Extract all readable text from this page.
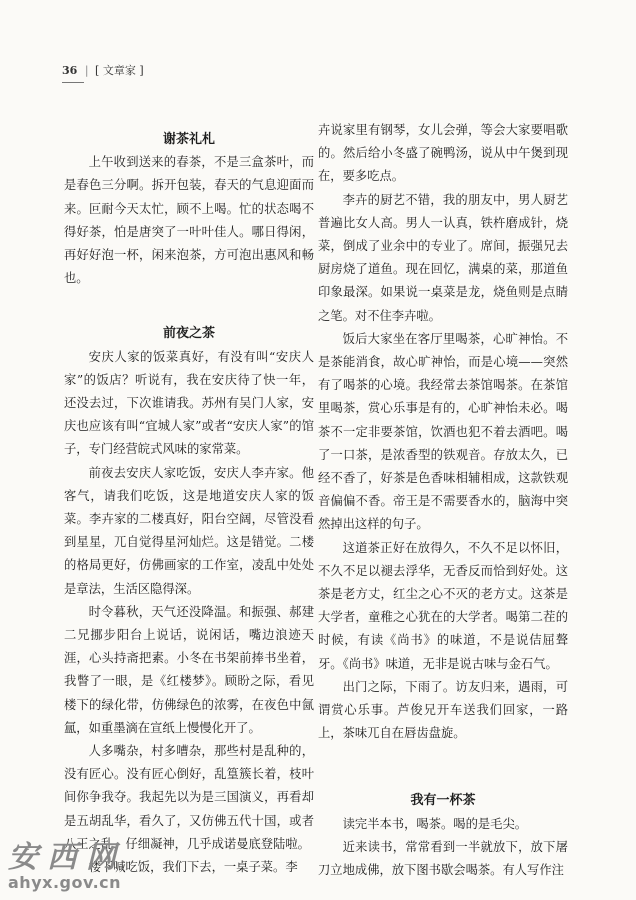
36 | [ 文章家 ]
谢茶礼札

上午收到送来的春茶，不是三盒茶叶，而是春色三分啊。拆开包装，春天的气息迎面而来。叵耐今天太忙，顾不上喝。忙的状态喝不得好茶，怕是唐突了一叶叶佳人。哪日得闲，再好好泡一杯，闲来泡茶，方可泡出惠风和畅也。

前夜之茶

安庆人家的饭菜真好，有没有叫“安庆人家”的饭店？听说有，我在安庆待了快一年，还没去过，下次谁请我。苏州有吴门人家，安庆也应该有叫“宜城人家”或者“安庆人家”的馆子，专门经营皖式风味的家常菜。

前夜去安庆人家吃饭，安庆人李卉家。他客气，请我们吃饭，这是地道安庆人家的饭菜。李卉家的二楼真好，阳台空阔，尽管没看到星星，兀自觉得星河灿烂。这是错觉。二楼的格局更好，仿佛画家的工作室，凌乱中处处是章法，生活区隐得深。

时令暮秋，天气还没降温。和振强、郝建二兄挪步阳台上说话，说闲话，嘴边浪迹天涯，心头持斋把素。小冬在书架前捧书坐着，我瞥了一眼，是《红楼梦》。顾盼之际，看见楼下的绿化带，仿佛绿色的浓雾，在夜色中氤氲，如重墨滴在宣纸上慢慢化开了。

人多嘴杂，村多嘈杂，那些村是乱种的，没有匠心。没有匠心倒好，乱篁簇长着，枝叶间你争我夺。我起先以为是三国演义，再看却是五胡乱华，看久了，又仿佛五代十国，或者八王之乱，仔细凝神，几乎成诺曼底登陆啦。

楼下喊吃饭，我们下去，一桌子菜。李

卉说家里有钢琴，女儿会弹，等会大家要唱歌的。然后给小冬盛了碗鸭汤，说从中午煲到现在，要多吃点。

李卉的厨艺不错，我的朋友中，男人厨艺普遍比女人高。男人一认真，铁杵磨成针，烧菜，倒成了业余中的专业了。席间，振强兄去厨房烧了道鱼。现在回忆，满桌的菜，那道鱼印象最深。如果说一桌菜是龙，烧鱼则是点睛之笔。对不住李卉啦。

饭后大家坐在客厅里喝茶，心旷神怡。不是茶能消食，故心旷神怡，而是心境——突然有了喝茶的心境。我经常去茶馆喝茶。在茶馆里喝茶，赏心乐事是有的，心旷神怡未必。喝茶不一定非要茶馆，饮酒也犯不着去酒吧。喝了一口茶，是浓香型的铁观音。存放太久，已经不香了，好茶是色香味相辅相成，这款铁观音偏偏不香。帝王是不需要香水的，脑海中突然掉出这样的句子。

这道茶正好在放得久，不久不足以怀旧，不久不足以褪去浮华，无香反而恰到好处。这茶是老方丈，红尘之心不灭的老方丈。这茶是大学者，童稚之心犹在的大学者。喝第二茬的时候，有读《尚书》的味道，不是说佶屈聱牙。《尚书》味道，无非是说古味与金石气。

出门之际，下雨了。访友归来，遇雨，可谓赏心乐事。芦俊兄开车送我们回家，一路上，茶味兀自在唇齿盘旋。

我有一杯茶

读完半本书，喝茶。喝的是毛尖。

近来读书，常常看到一半就放下，放下屠刀立地成佛，放下图书歇会喝茶。有人写作注

安西网
ahyx.gov.cn
